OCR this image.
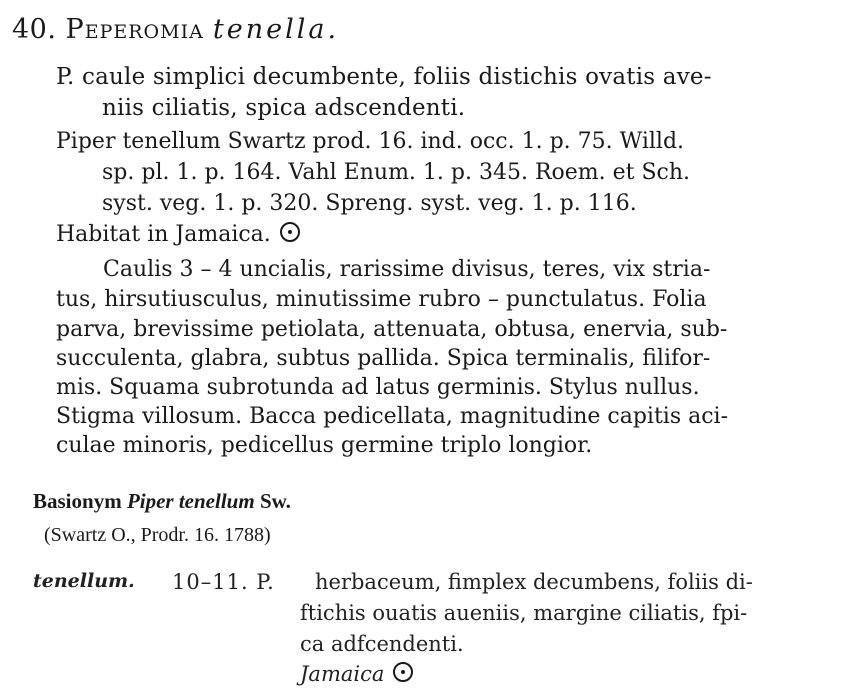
40. Peperomia tenella.
P. caule simplici decumbente, foliis distichis ovatis ave-
niis ciliatis, spica adscendenti.
Piper tenellum Swartz prod. 16. ind. occ. 1. p. 75. Willd.
sp. pl. 1. p. 164. Vahl Enum. 1. p. 345. Roem. et Sch.
syst. veg. 1. p. 320. Spreng. syst. veg. 1. p. 116.
Habitat in Jamaica.
Caulis 3 – 4 uncialis, rarissime divisus, teres, vix stria-
tus, hirsutiusculus, minutissime rubro – punctulatus. Folia
parva, brevissime petiolata, attenuata, obtusa, enervia, sub-
succulenta, glabra, subtus pallida. Spica terminalis, filifor-
mis. Squama subrotunda ad latus germinis. Stylus nullus.
Stigma villosum. Bacca pedicellata, magnitudine capitis aci-
culae minoris, pedicellus germine triplo longior.
Basionym Piper tenellum Sw.
(Swartz O., Prodr. 16. 1788)
tenellum. 10–11. P. herbaceum, fimplex decumbens, foliis di-
ftichis ouatis aueniis, margine ciliatis, fpi-
ca adfcendenti.
Jamaica
